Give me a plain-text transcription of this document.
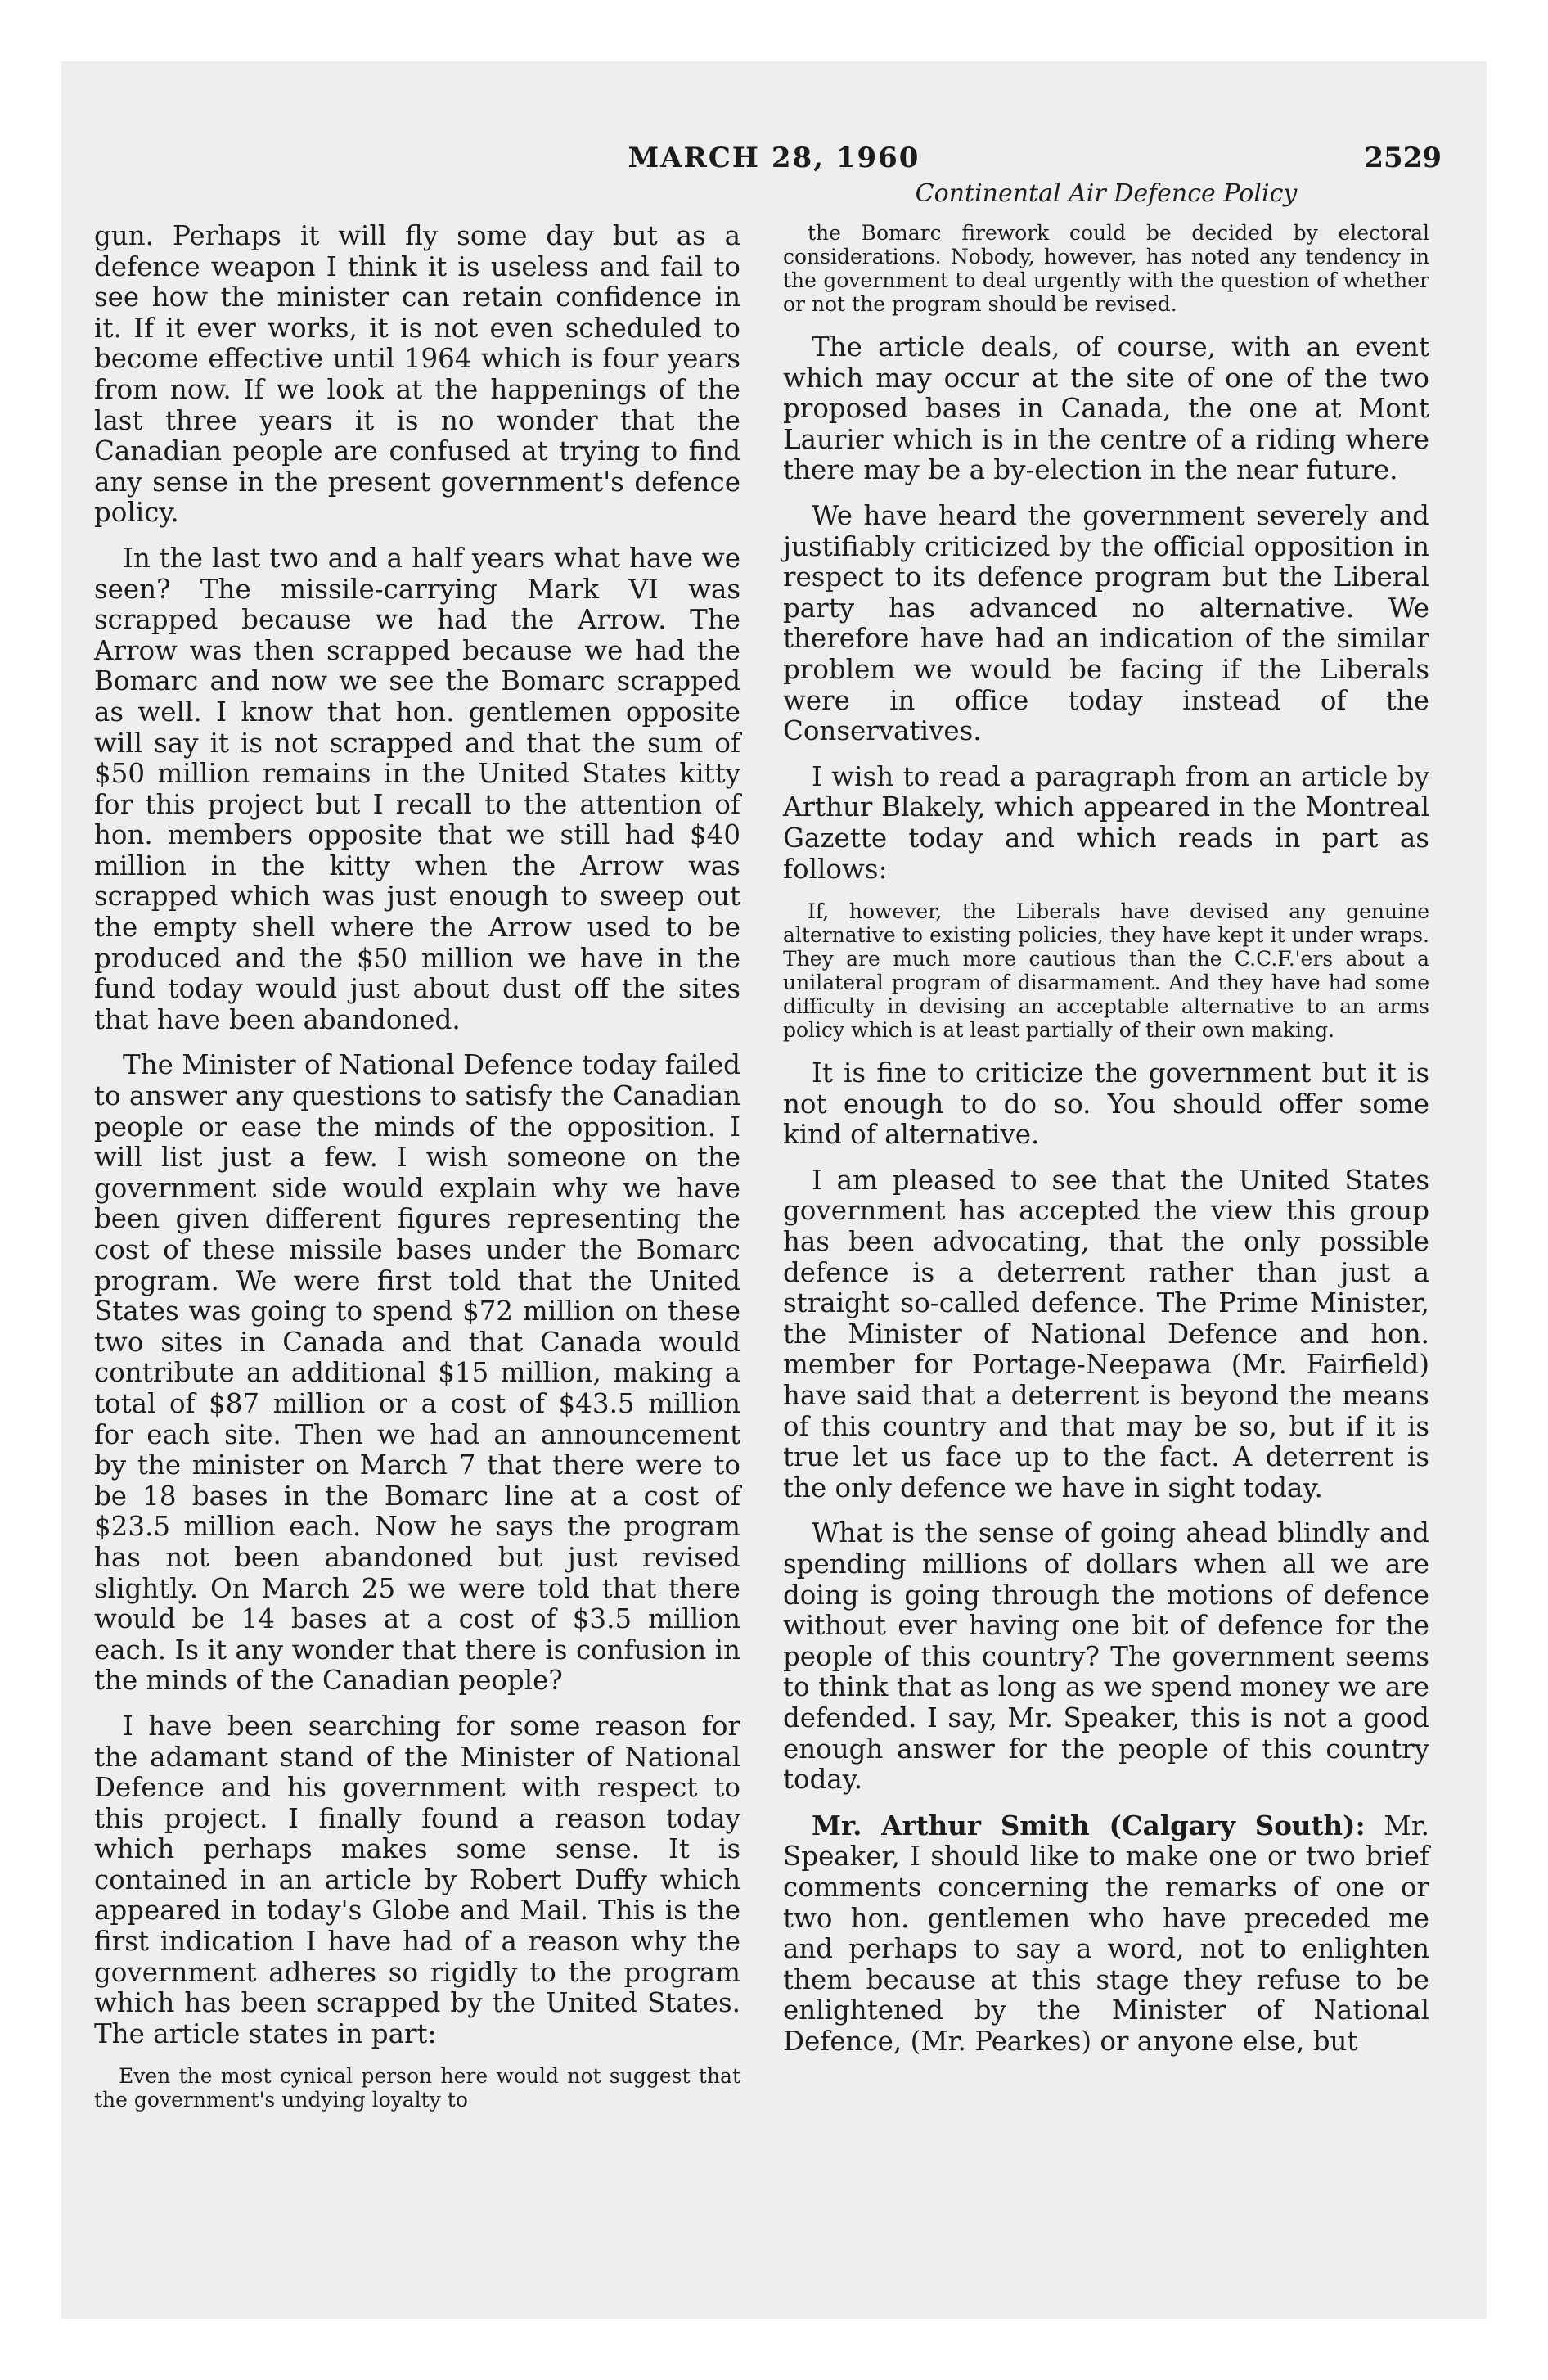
MARCH 28, 1960	2529
Continental Air Defence Policy

gun. Perhaps it will fly some day but as a defence weapon I think it is useless and fail to see how the minister can retain confidence in it. If it ever works, it is not even scheduled to become effective until 1964 which is four years from now. If we look at the happenings of the last three years it is no wonder that the Canadian people are confused at trying to find any sense in the present government's defence policy.

In the last two and a half years what have we seen? The missile-carrying Mark VI was scrapped because we had the Arrow. The Arrow was then scrapped because we had the Bomarc and now we see the Bomarc scrapped as well. I know that hon. gentlemen opposite will say it is not scrapped and that the sum of $50 million remains in the United States kitty for this project but I recall to the attention of hon. members opposite that we still had $40 million in the kitty when the Arrow was scrapped which was just enough to sweep out the empty shell where the Arrow used to be produced and the $50 million we have in the fund today would just about dust off the sites that have been abandoned.

The Minister of National Defence today failed to answer any questions to satisfy the Canadian people or ease the minds of the opposition. I will list just a few. I wish someone on the government side would explain why we have been given different figures representing the cost of these missile bases under the Bomarc program. We were first told that the United States was going to spend $72 million on these two sites in Canada and that Canada would contribute an additional $15 million, making a total of $87 million or a cost of $43.5 million for each site. Then we had an announcement by the minister on March 7 that there were to be 18 bases in the Bomarc line at a cost of $23.5 million each. Now he says the program has not been abandoned but just revised slightly. On March 25 we were told that there would be 14 bases at a cost of $3.5 million each. Is it any wonder that there is confusion in the minds of the Canadian people?

I have been searching for some reason for the adamant stand of the Minister of National Defence and his government with respect to this project. I finally found a reason today which perhaps makes some sense. It is contained in an article by Robert Duffy which appeared in today's Globe and Mail. This is the first indication I have had of a reason why the government adheres so rigidly to the program which has been scrapped by the United States. The article states in part:

Even the most cynical person here would not suggest that the government's undying loyalty to

the Bomarc firework could be decided by electoral considerations. Nobody, however, has noted any tendency in the government to deal urgently with the question of whether or not the program should be revised.

The article deals, of course, with an event which may occur at the site of one of the two proposed bases in Canada, the one at Mont Laurier which is in the centre of a riding where there may be a by-election in the near future.

We have heard the government severely and justifiably criticized by the official opposition in respect to its defence program but the Liberal party has advanced no alternative. We therefore have had an indication of the similar problem we would be facing if the Liberals were in office today instead of the Conservatives.

I wish to read a paragraph from an article by Arthur Blakely, which appeared in the Montreal Gazette today and which reads in part as follows:

If, however, the Liberals have devised any genuine alternative to existing policies, they have kept it under wraps. They are much more cautious than the C.C.F.'ers about a unilateral program of disarmament. And they have had some difficulty in devising an acceptable alternative to an arms policy which is at least partially of their own making.

It is fine to criticize the government but it is not enough to do so. You should offer some kind of alternative.

I am pleased to see that the United States government has accepted the view this group has been advocating, that the only possible defence is a deterrent rather than just a straight so-called defence. The Prime Minister, the Minister of National Defence and hon. member for Portage-Neepawa (Mr. Fairfield) have said that a deterrent is beyond the means of this country and that may be so, but if it is true let us face up to the fact. A deterrent is the only defence we have in sight today.

What is the sense of going ahead blindly and spending millions of dollars when all we are doing is going through the motions of defence without ever having one bit of defence for the people of this country? The government seems to think that as long as we spend money we are defended. I say, Mr. Speaker, this is not a good enough answer for the people of this country today.

Mr. Arthur Smith (Calgary South): Mr. Speaker, I should like to make one or two brief comments concerning the remarks of one or two hon. gentlemen who have preceded me and perhaps to say a word, not to enlighten them because at this stage they refuse to be enlightened by the Minister of National Defence, (Mr. Pearkes) or anyone else, but
